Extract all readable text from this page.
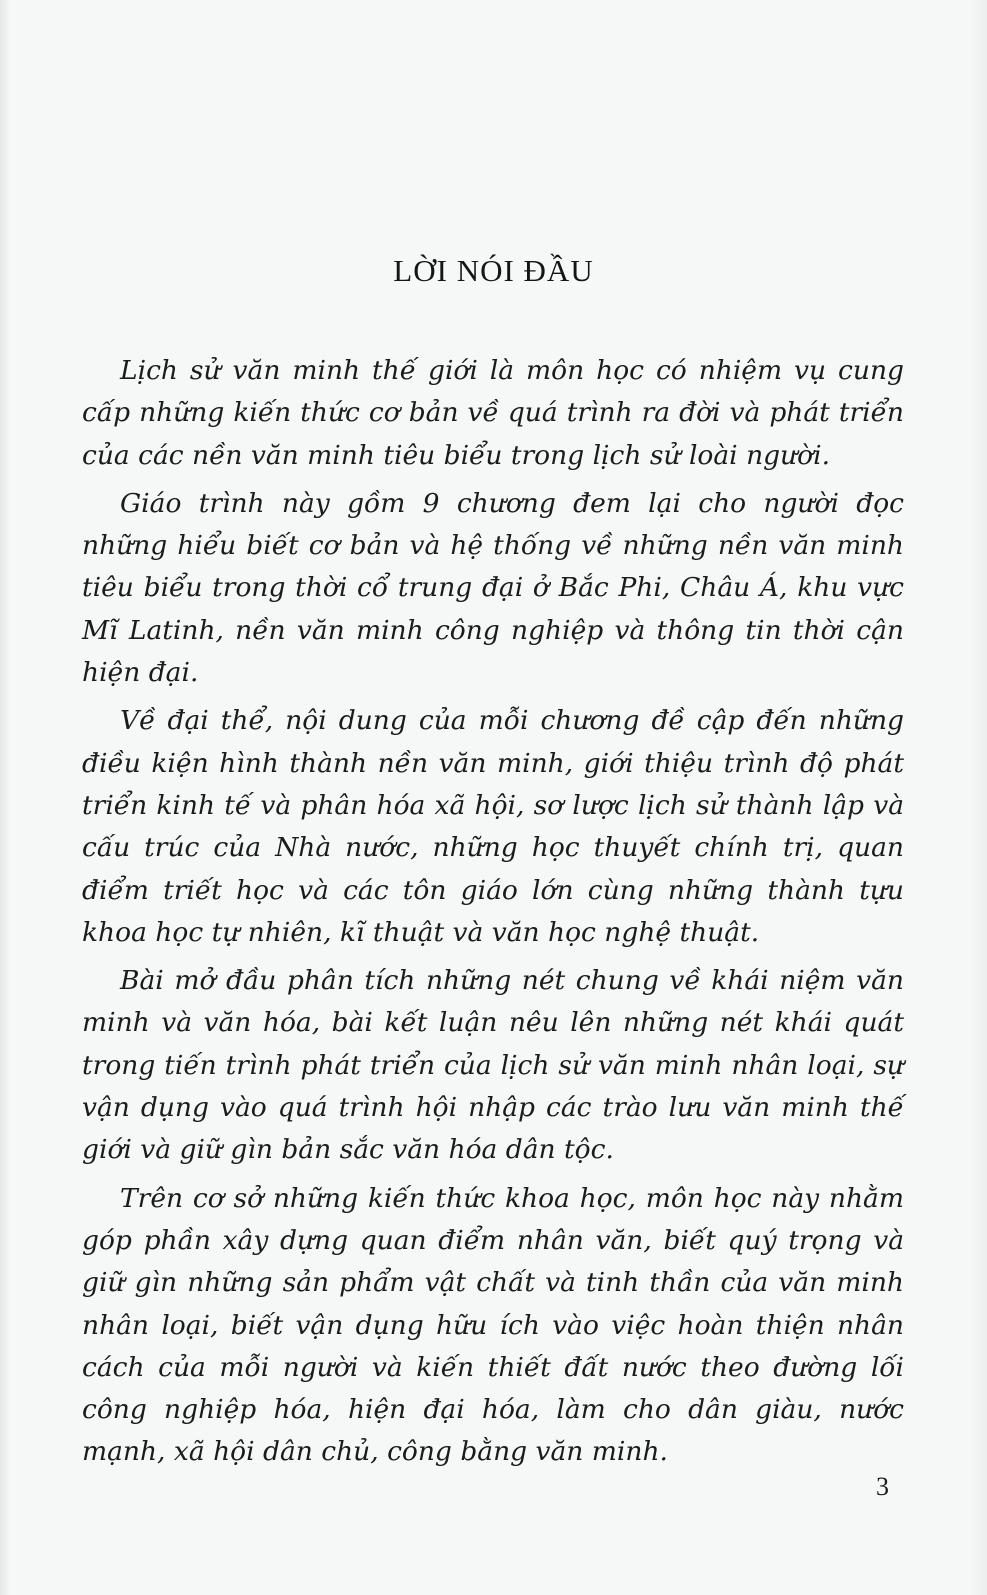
LỜI NÓI ĐẦU

Lịch sử văn minh thế giới là môn học có nhiệm vụ cung cấp những kiến thức cơ bản về quá trình ra đời và phát triển của các nền văn minh tiêu biểu trong lịch sử loài người.

Giáo trình này gồm 9 chương đem lại cho người đọc những hiểu biết cơ bản và hệ thống về những nền văn minh tiêu biểu trong thời cổ trung đại ở Bắc Phi, Châu Á, khu vực Mĩ Latinh, nền văn minh công nghiệp và thông tin thời cận hiện đại.

Về đại thể, nội dung của mỗi chương đề cập đến những điều kiện hình thành nền văn minh, giới thiệu trình độ phát triển kinh tế và phân hóa xã hội, sơ lược lịch sử thành lập và cấu trúc của Nhà nước, những học thuyết chính trị, quan điểm triết học và các tôn giáo lớn cùng những thành tựu khoa học tự nhiên, kĩ thuật và văn học nghệ thuật.

Bài mở đầu phân tích những nét chung về khái niệm văn minh và văn hóa, bài kết luận nêu lên những nét khái quát trong tiến trình phát triển của lịch sử văn minh nhân loại, sự vận dụng vào quá trình hội nhập các trào lưu văn minh thế giới và giữ gìn bản sắc văn hóa dân tộc.

Trên cơ sở những kiến thức khoa học, môn học này nhằm góp phần xây dựng quan điểm nhân văn, biết quý trọng và giữ gìn những sản phẩm vật chất và tinh thần của văn minh nhân loại, biết vận dụng hữu ích vào việc hoàn thiện nhân cách của mỗi người và kiến thiết đất nước theo đường lối công nghiệp hóa, hiện đại hóa, làm cho dân giàu, nước mạnh, xã hội dân chủ, công bằng văn minh.

3
